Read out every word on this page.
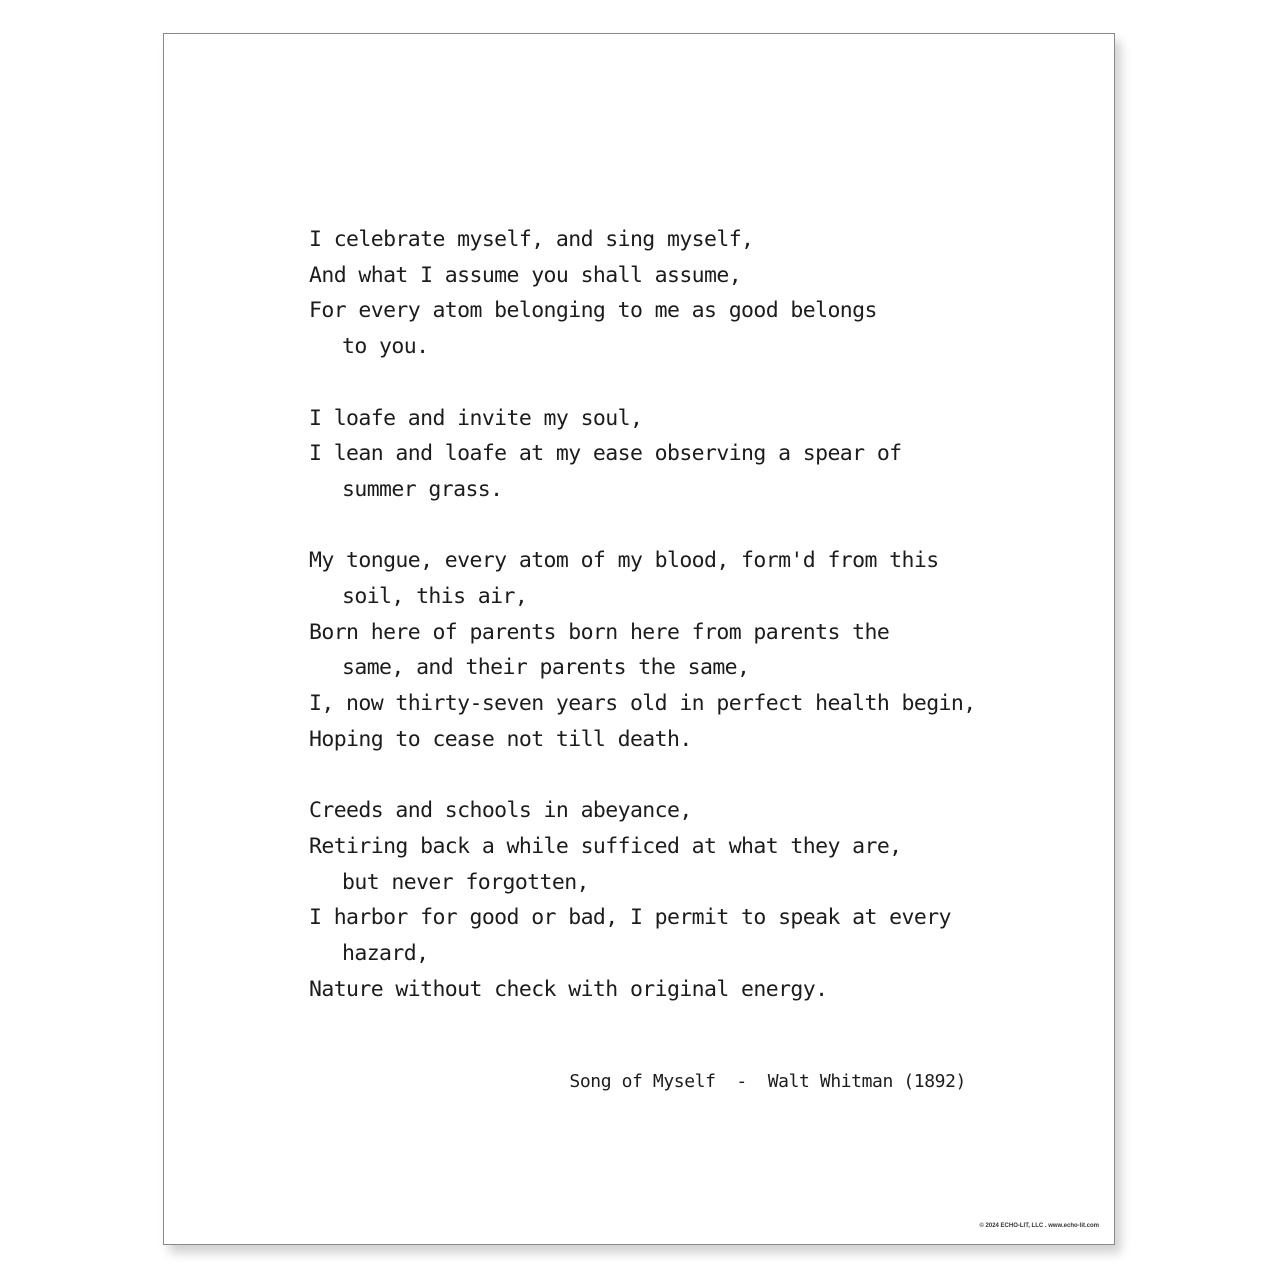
I celebrate myself, and sing myself,
And what I assume you shall assume,
For every atom belonging to me as good belongs
to you.
I loafe and invite my soul,
I lean and loafe at my ease observing a spear of
summer grass.
My tongue, every atom of my blood, form'd from this
soil, this air,
Born here of parents born here from parents the
same, and their parents the same,
I, now thirty-seven years old in perfect health begin,
Hoping to cease not till death.
Creeds and schools in abeyance,
Retiring back a while sufficed at what they are,
but never forgotten,
I harbor for good or bad, I permit to speak at every
hazard,
Nature without check with original energy.
Song of Myself  -  Walt Whitman (1892)
© 2024 ECHO-LIT, LLC . www.echo-lit.com
